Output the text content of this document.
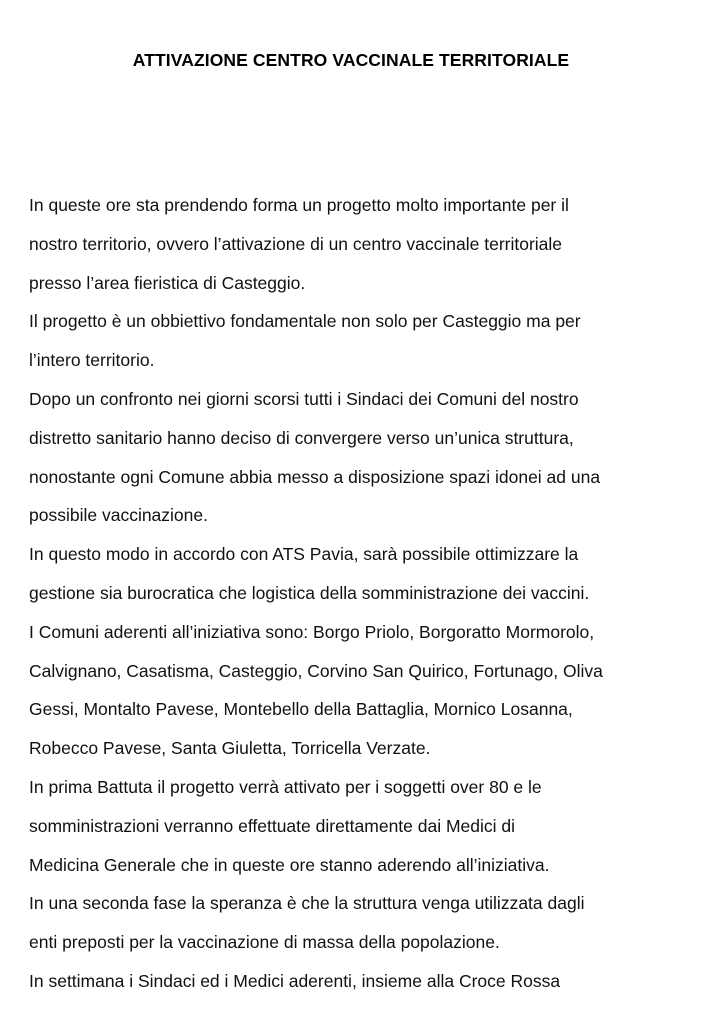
ATTIVAZIONE CENTRO VACCINALE TERRITORIALE
In queste ore sta prendendo forma un progetto molto importante per il
nostro territorio, ovvero l’attivazione di un centro vaccinale territoriale
presso l’area fieristica di Casteggio.
Il progetto è un obbiettivo fondamentale non solo per Casteggio ma per
l’intero territorio.
Dopo un confronto nei giorni scorsi tutti i Sindaci dei Comuni del nostro
distretto sanitario hanno deciso di convergere verso un’unica struttura,
nonostante ogni Comune abbia messo a disposizione spazi idonei ad una
possibile vaccinazione.
In questo modo in accordo con ATS Pavia, sarà possibile ottimizzare la
gestione sia burocratica che logistica della somministrazione dei vaccini.
I Comuni aderenti all’iniziativa sono: Borgo Priolo, Borgoratto Mormorolo,
Calvignano, Casatisma, Casteggio, Corvino San Quirico, Fortunago, Oliva
Gessi, Montalto Pavese, Montebello della Battaglia, Mornico Losanna,
Robecco Pavese, Santa Giuletta, Torricella Verzate.
In prima Battuta il progetto verrà attivato per i soggetti over 80 e le
somministrazioni verranno effettuate direttamente dai Medici di
Medicina Generale che in queste ore stanno aderendo all’iniziativa.
In una seconda fase la speranza è che la struttura venga utilizzata dagli
enti preposti per la vaccinazione di massa della popolazione.
In settimana i Sindaci ed i Medici aderenti, insieme alla Croce Rossa
